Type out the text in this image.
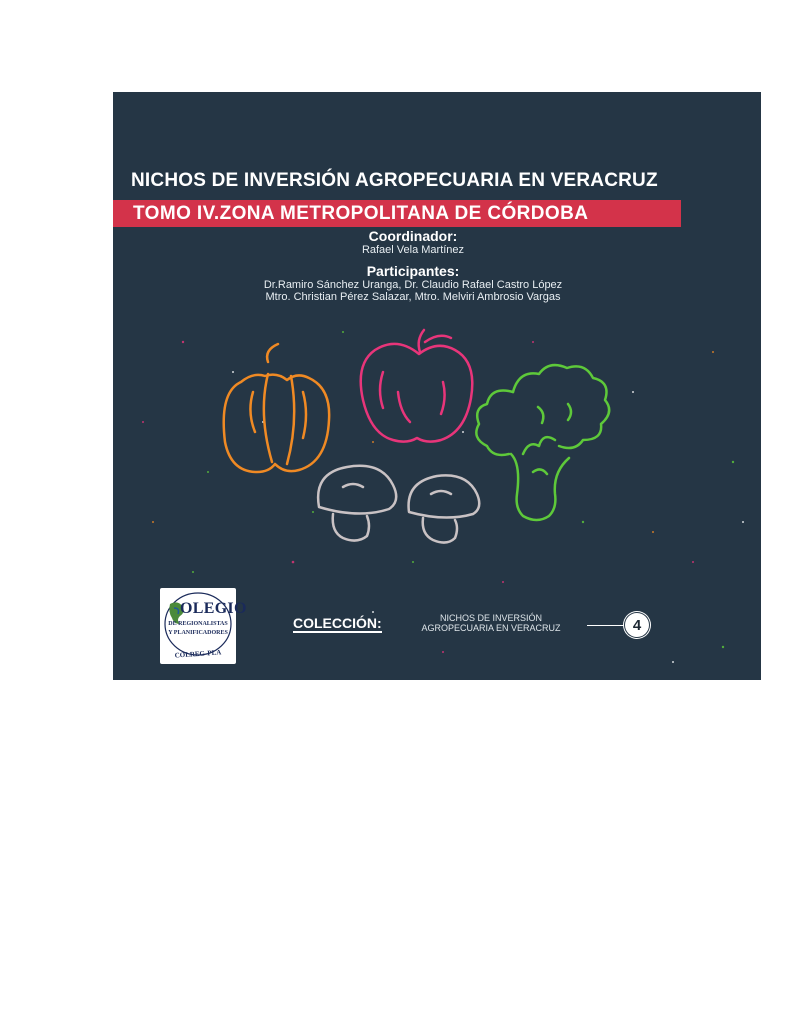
NICHOS DE INVERSIÓN AGROPECUARIA EN VERACRUZ
TOMO IV.ZONA METROPOLITANA DE CÓRDOBA
Coordinador:
Rafael Vela Martínez
Participantes:
Dr.Ramiro Sánchez Uranga, Dr. Claudio Rafael Castro López
Mtro. Christian Pérez Salazar, Mtro. Melviri Ambrosio Vargas
OLEGIO
DE REGIONALISTAS
Y PLANIFICADORES
COLREG-PLA
COLECCIÓN:	NICHOS DE INVERSIÓN
AGROPECUARIA EN VERACRUZ	4
